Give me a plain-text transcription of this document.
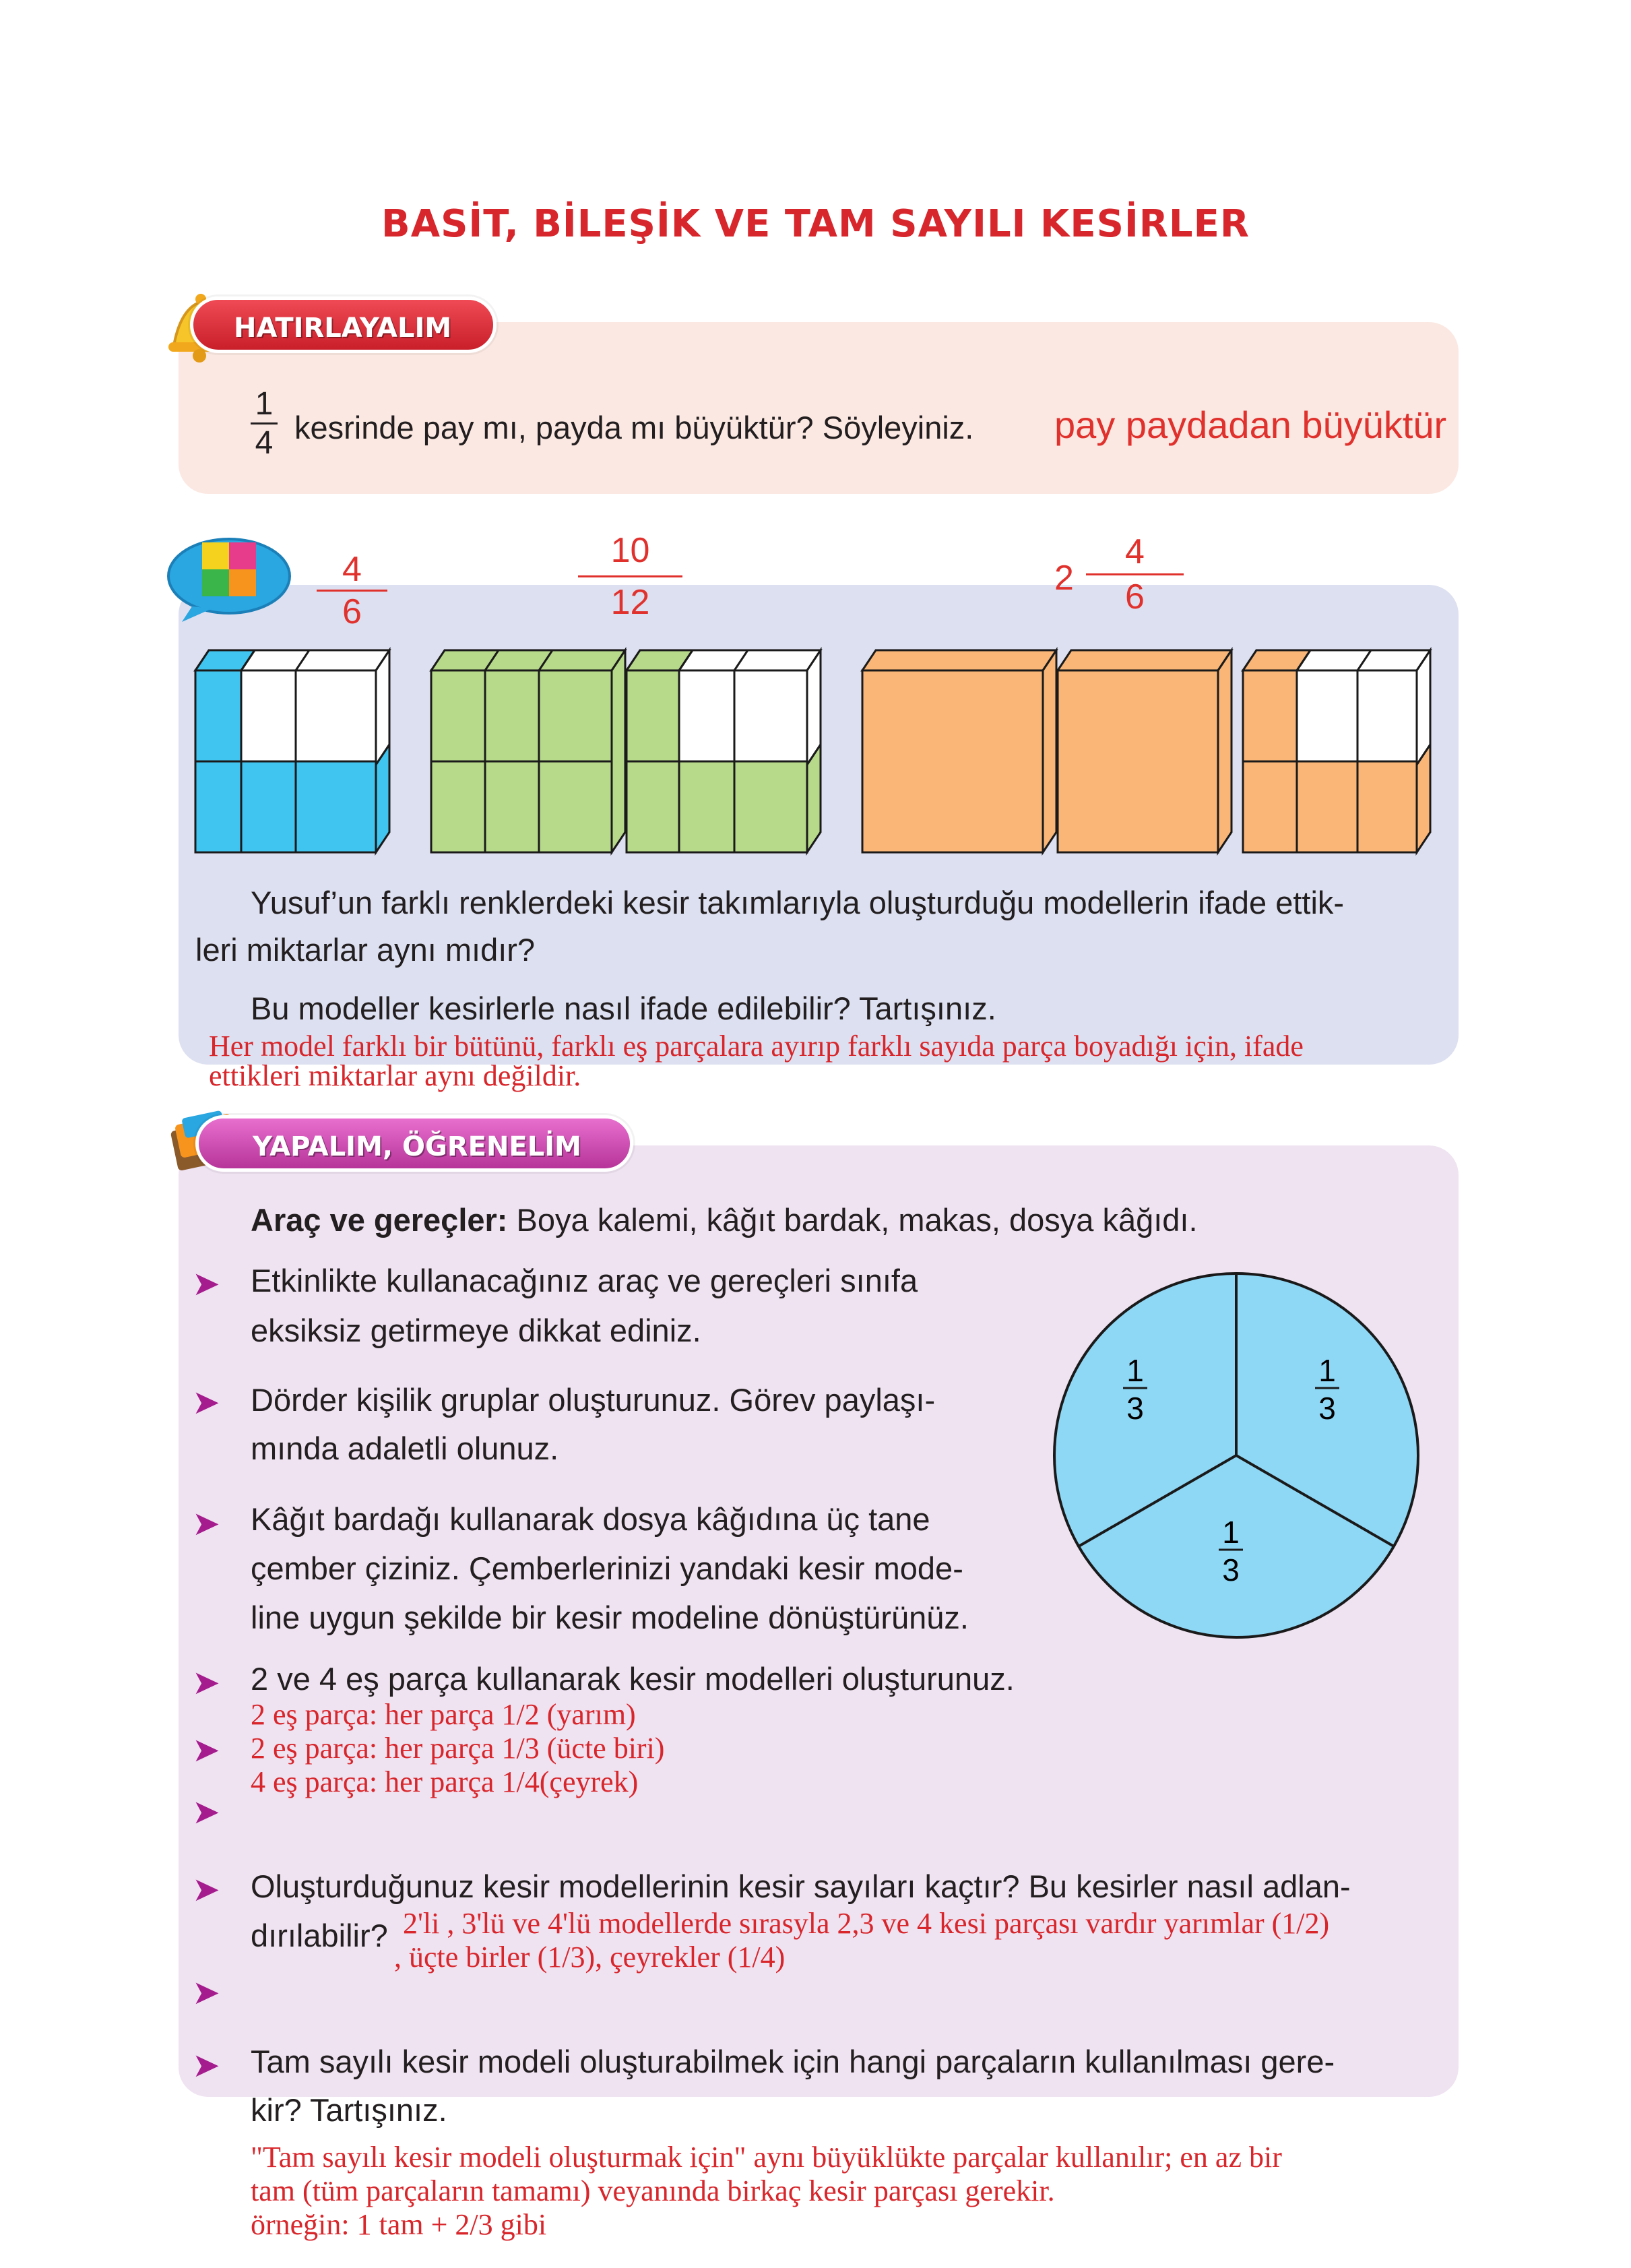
BASİT, BİLEŞİK VE TAM SAYILI KESİRLER
HATIRLAYALIM
1
4 kesrinde pay mı, payda mı büyüktür? Söyleyiniz. pay paydadan büyüktür
4
6
10
12
2
4
6
Yusuf’un farklı renklerdeki kesir takımlarıyla oluşturduğu modellerin ifade ettik-
leri miktarlar aynı mıdır?
Bu modeller kesirlerle nasıl ifade edilebilir? Tartışınız.
Her model farklı bir bütünü, farklı eş parçalara ayırıp farklı sayıda parça boyadığı için, ifade
ettikleri miktarlar aynı değildir.
YAPALIM, ÖĞRENELİM
Araç ve gereçler: Boya kalemi, kâğıt bardak, makas, dosya kâğıdı.
➤ Etkinlikte kullanacağınız araç ve gereçleri sınıfa
eksiksiz getirmeye dikkat ediniz.
➤ Dörder kişilik gruplar oluşturunuz. Görev paylaşı-
mında adaletli olunuz.
➤ Kâğıt bardağı kullanarak dosya kâğıdına üç tane
çember çiziniz. Çemberlerinizi yandaki kesir mode-
line uygun şekilde bir kesir modeline dönüştürünüz.
➤ 2 ve 4 eş parça kullanarak kesir modelleri oluşturunuz.
➤
➤
2 eş parça: her parça 1/2 (yarım)
2 eş parça: her parça 1/3 (ücte biri)
4 eş parça: her parça 1/4(çeyrek)
➤ Oluşturduğunuz kesir modellerinin kesir sayıları kaçtır? Bu kesirler nasıl adlan-
dırılabilir? 2'li , 3'lü ve 4'lü modellerde sırasyla 2,3 ve 4 kesi parçası vardır yarımlar (1/2)
, üçte birler (1/3), çeyrekler (1/4)
➤
➤ Tam sayılı kesir modeli oluşturabilmek için hangi parçaların kullanılması gere-
kir? Tartışınız.
"Tam sayılı kesir modeli oluşturmak için" aynı büyüklükte parçalar kullanılır; en az bir
tam (tüm parçaların tamamı) veyanında birkaç kesir parçası gerekir.
örneğin: 1 tam + 2/3 gibi
1
3
1
3
1
3
